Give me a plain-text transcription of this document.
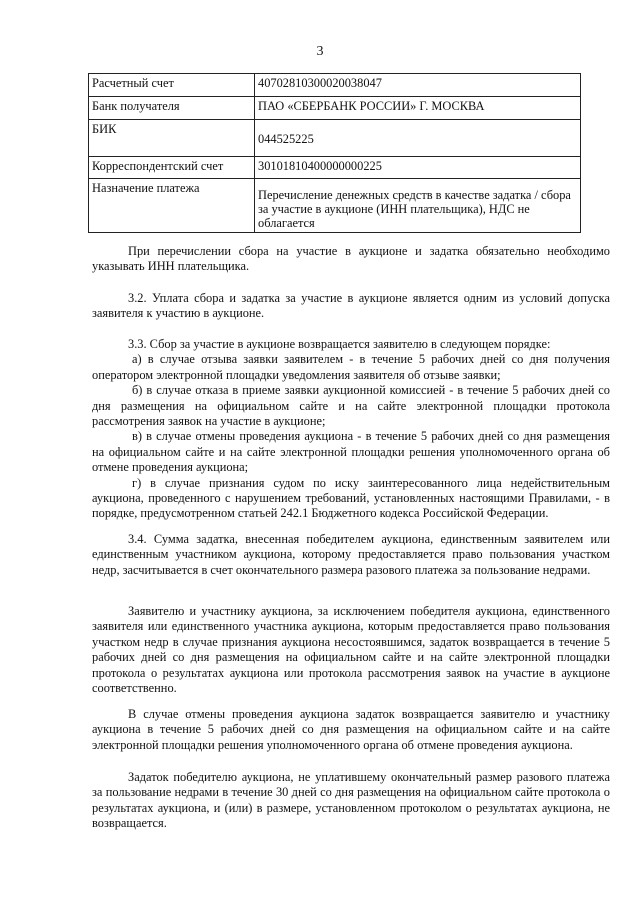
3
Расчетный счет	40702810300020038047
Банк получателя	ПАО «СБЕРБАНК РОССИИ» Г. МОСКВА
БИК	044525225
Корреспондентский счет	30101810400000000225
Назначение платежа	Перечисление денежных средств в качестве задатка / сбора за участие в аукционе (ИНН плательщика), НДС не облагается

При перечислении сбора на участие в аукционе и задатка обязательно необходимо указывать ИНН плательщика.

3.2. Уплата сбора и задатка за участие в аукционе является одним из условий допуска заявителя к участию в аукционе.

3.3. Сбор за участие в аукционе возвращается заявителю в следующем порядке:

а) в случае отзыва заявки заявителем - в течение 5 рабочих дней со дня получения оператором электронной площадки уведомления заявителя об отзыве заявки;

б) в случае отказа в приеме заявки аукционной комиссией - в течение 5 рабочих дней со дня размещения на официальном сайте и на сайте электронной площадки протокола рассмотрения заявок на участие в аукционе;

в) в случае отмены проведения аукциона - в течение 5 рабочих дней со дня размещения на официальном сайте и на сайте электронной площадки решения уполномоченного органа об отмене проведения аукциона;

г) в случае признания судом по иску заинтересованного лица недействительным аукциона, проведенного с нарушением требований, установленных настоящими Правилами, - в порядке, предусмотренном статьей 242.1 Бюджетного кодекса Российской Федерации.

3.4. Сумма задатка, внесенная победителем аукциона, единственным заявителем или единственным участником аукциона, которому предоставляется право пользования участком недр, засчитывается в счет окончательного размера разового платежа за пользование недрами.

Заявителю и участнику аукциона, за исключением победителя аукциона, единственного заявителя или единственного участника аукциона, которым предоставляется право пользования участком недр в случае признания аукциона несостоявшимся, задаток возвращается в течение 5 рабочих дней со дня размещения на официальном сайте и на сайте электронной площадки протокола о результатах аукциона или протокола рассмотрения заявок на участие в аукционе соответственно.

В случае отмены проведения аукциона задаток возвращается заявителю и участнику аукциона в течение 5 рабочих дней со дня размещения на официальном сайте и на сайте электронной площадки решения уполномоченного органа об отмене проведения аукциона.

Задаток победителю аукциона, не уплатившему окончательный размер разового платежа за пользование недрами в течение 30 дней со дня размещения на официальном сайте протокола о результатах аукциона, и (или) в размере, установленном протоколом о результатах аукциона, не возвращается.
